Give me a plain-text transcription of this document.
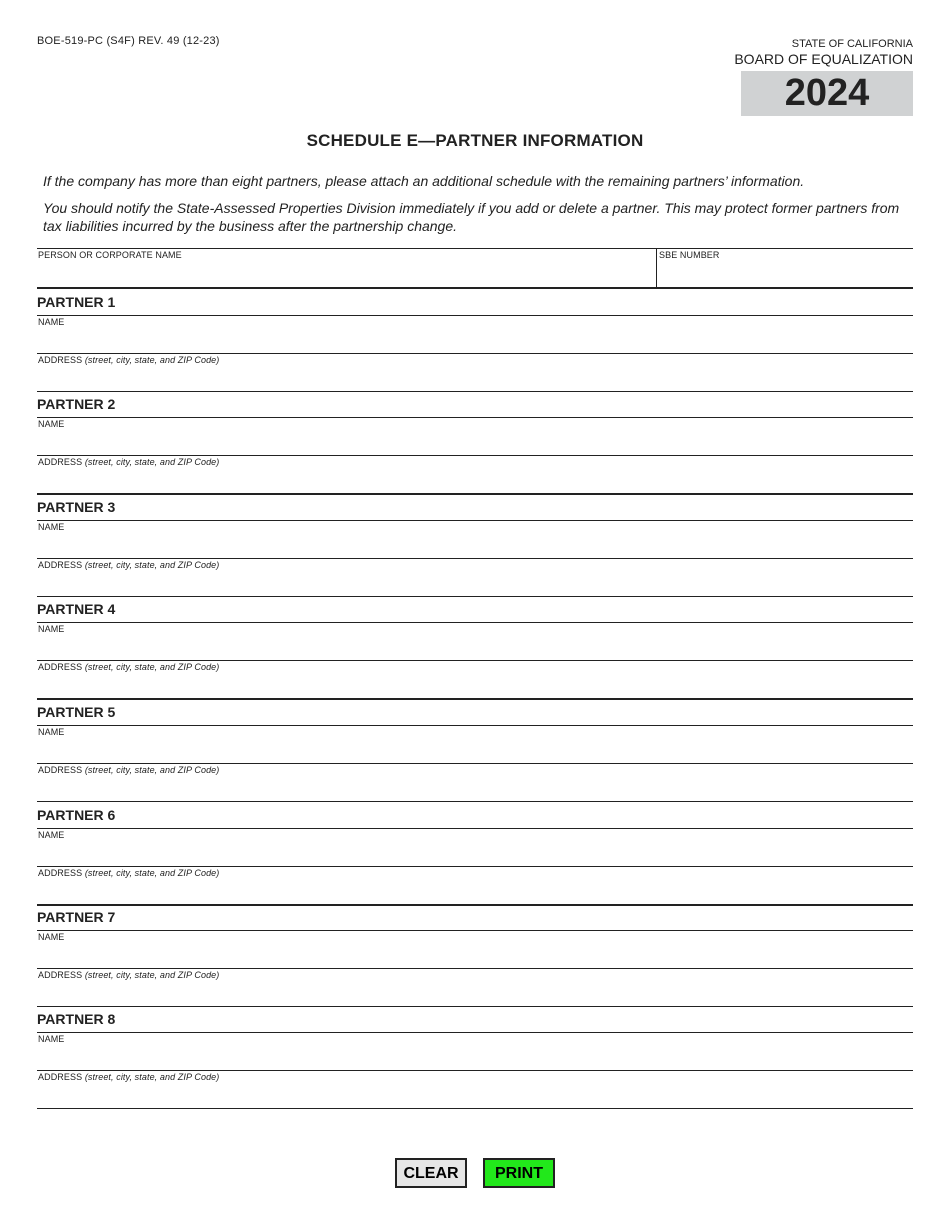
BOE-519-PC (S4F) REV. 49 (12-23)	STATE OF CALIFORNIA
BOARD OF EQUALIZATION
2024
SCHEDULE E—PARTNER INFORMATION
If the company has more than eight partners, please attach an additional schedule with the remaining partners’ information.
You should notify the State-Assessed Properties Division immediately if you add or delete a partner. This may protect former partners from tax liabilities incurred by the business after the partnership change.
PERSON OR CORPORATE NAME	SBE NUMBER
PARTNER 1
NAME
ADDRESS (street, city, state, and ZIP Code)
PARTNER 2
NAME
ADDRESS (street, city, state, and ZIP Code)
PARTNER 3
NAME
ADDRESS (street, city, state, and ZIP Code)
PARTNER 4
NAME
ADDRESS (street, city, state, and ZIP Code)
PARTNER 5
NAME
ADDRESS (street, city, state, and ZIP Code)
PARTNER 6
NAME
ADDRESS (street, city, state, and ZIP Code)
PARTNER 7
NAME
ADDRESS (street, city, state, and ZIP Code)
PARTNER 8
NAME
ADDRESS (street, city, state, and ZIP Code)
CLEAR	PRINT
